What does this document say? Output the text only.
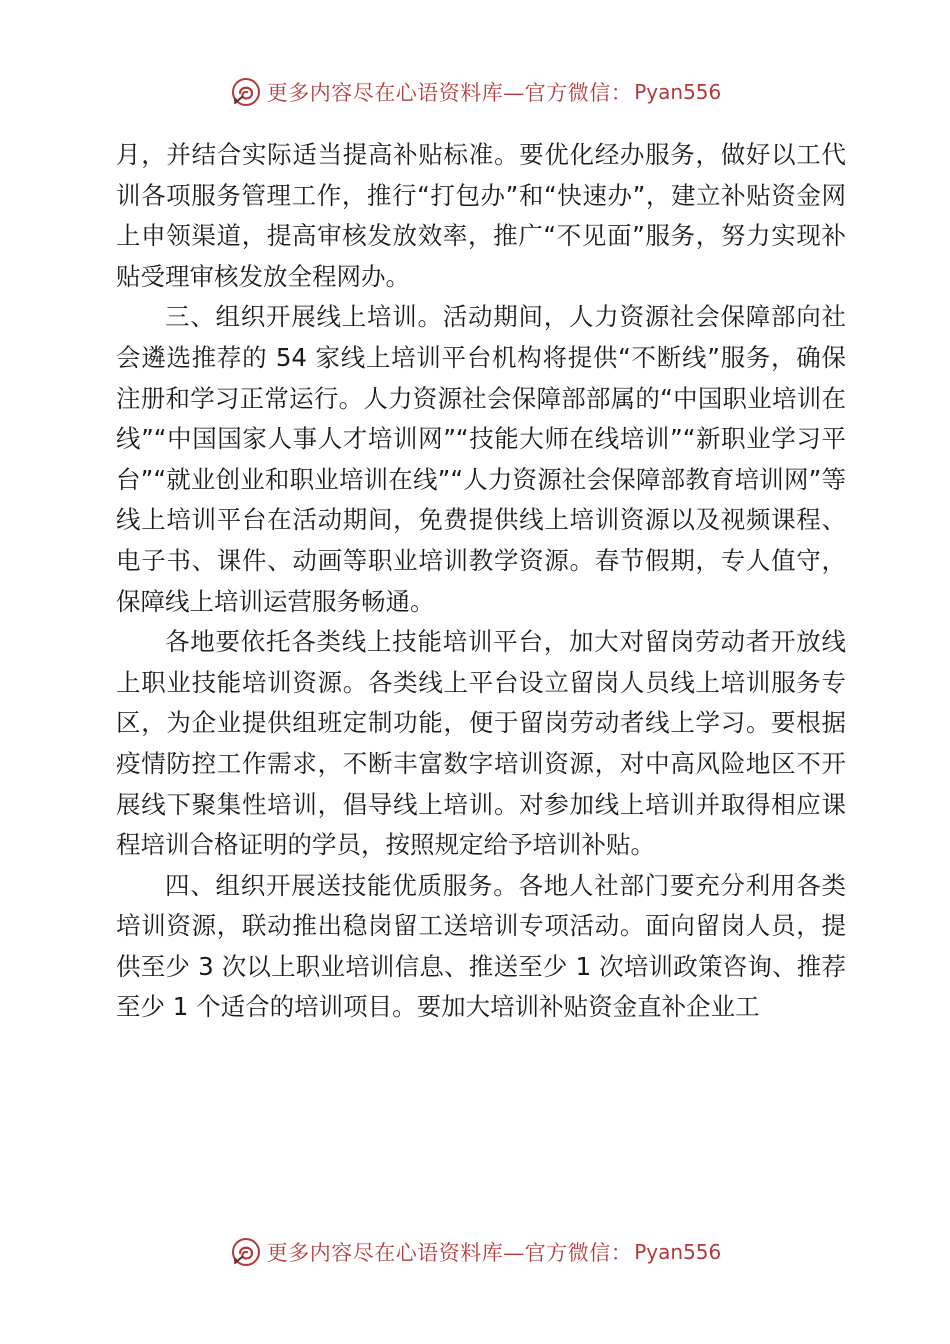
更多内容尽在心语资料库—官方微信： Pyan556

月，并结合实际适当提高补贴标准。要优化经办服务，做好以工代训各项服务管理工作，推行“打包办”和“快速办”，建立补贴资金网上申领渠道，提高审核发放效率，推广“不见面”服务，努力实现补贴受理审核发放全程网办。

三、组织开展线上培训。活动期间，人力资源社会保障部向社会遴选推荐的 54 家线上培训平台机构将提供“不断线”服务，确保注册和学习正常运行。人力资源社会保障部部属的“中国职业培训在线”“中国国家人事人才培训网”“技能大师在线培训”“新职业学习平台”“就业创业和职业培训在线”“人力资源社会保障部教育培训网”等线上培训平台在活动期间，免费提供线上培训资源以及视频课程、电子书、课件、动画等职业培训教学资源。春节假期，专人值守，保障线上培训运营服务畅通。

各地要依托各类线上技能培训平台，加大对留岗劳动者开放线上职业技能培训资源。各类线上平台设立留岗人员线上培训服务专区，为企业提供组班定制功能，便于留岗劳动者线上学习。要根据疫情防控工作需求，不断丰富数字培训资源，对中高风险地区不开展线下聚集性培训，倡导线上培训。对参加线上培训并取得相应课程培训合格证明的学员，按照规定给予培训补贴。

四、组织开展送技能优质服务。各地人社部门要充分利用各类培训资源，联动推出稳岗留工送培训专项活动。面向留岗人员，提供至少 3 次以上职业培训信息、推送至少 1 次培训政策咨询、推荐至少 1 个适合的培训项目。要加大培训补贴资金直补企业工

更多内容尽在心语资料库—官方微信： Pyan556
